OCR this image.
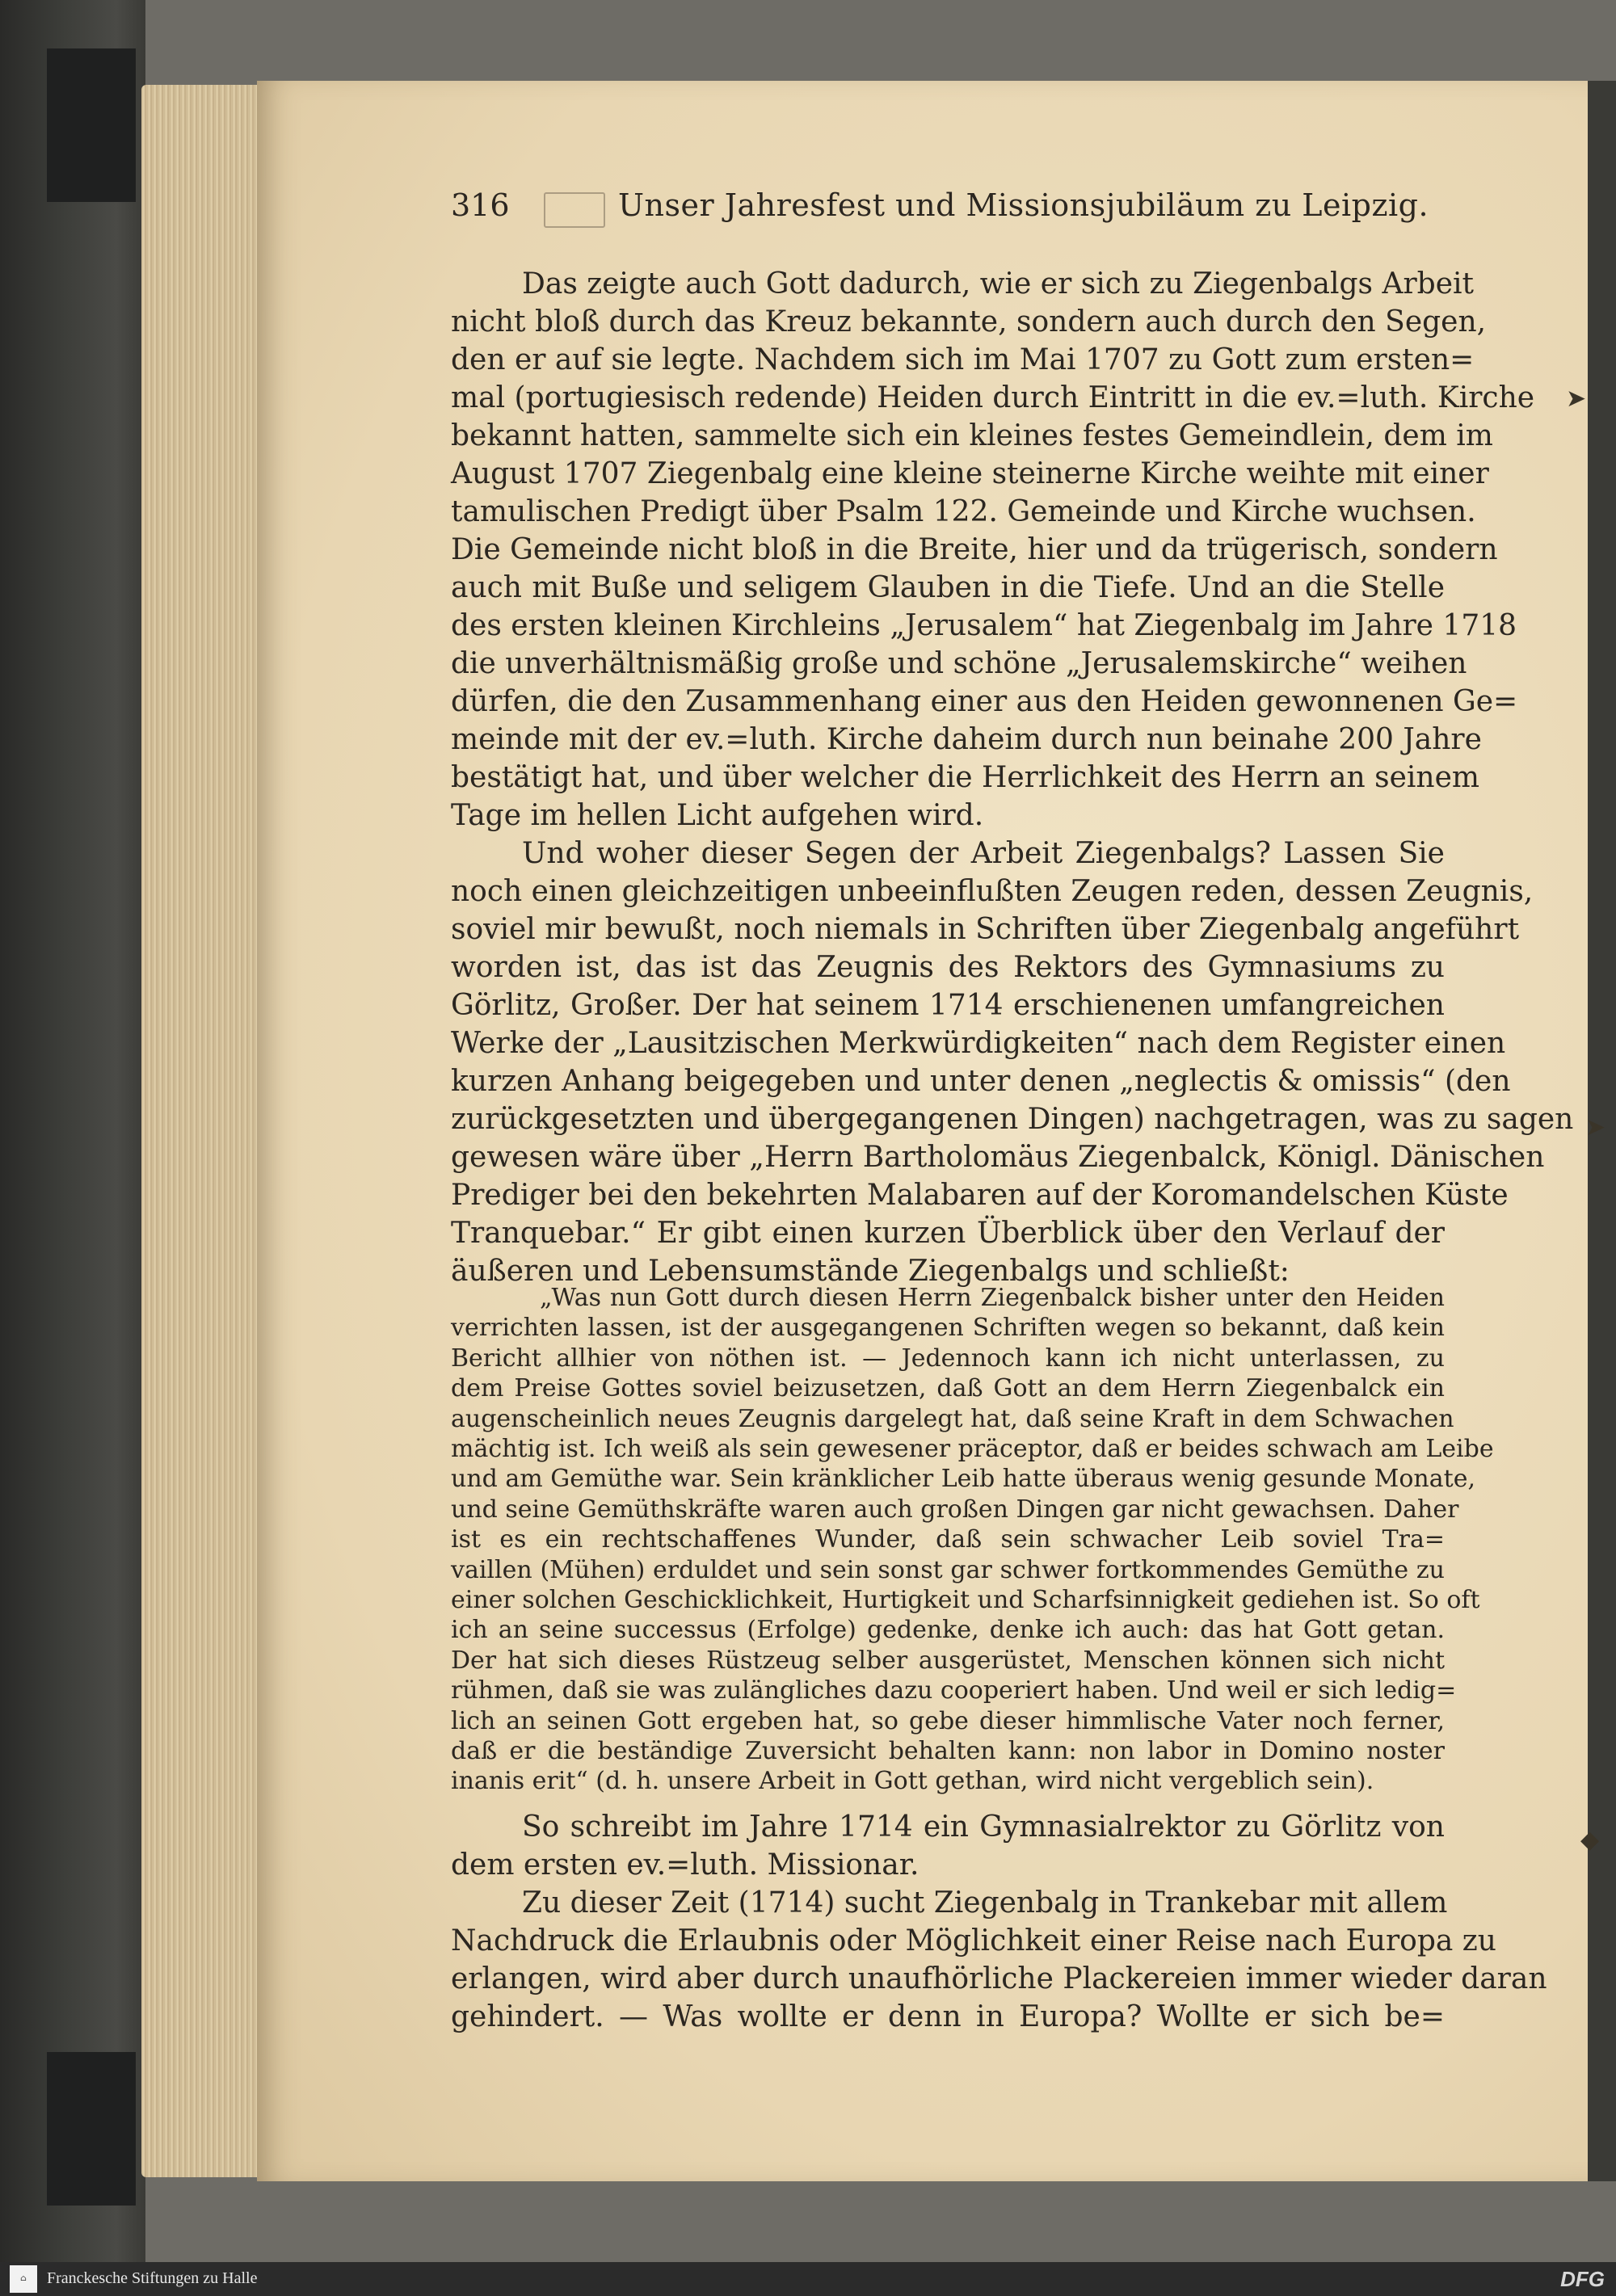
➤
➤
◆
316	Unser Jahresfest und Missionsjubiläum zu Leipzig.
Das zeigte auch Gott dadurch, wie er sich zu Ziegenbalgs Arbeit
nicht bloß durch das Kreuz bekannte, sondern auch durch den Segen,
den er auf sie legte. Nachdem sich im Mai 1707 zu Gott zum ersten=
mal (portugiesisch redende) Heiden durch Eintritt in die ev.=luth. Kirche
bekannt hatten, sammelte sich ein kleines festes Gemeindlein, dem im
August 1707 Ziegenbalg eine kleine steinerne Kirche weihte mit einer
tamulischen Predigt über Psalm 122. Gemeinde und Kirche wuchsen.
Die Gemeinde nicht bloß in die Breite, hier und da trügerisch, sondern
auch mit Buße und seligem Glauben in die Tiefe. Und an die Stelle
des ersten kleinen Kirchleins „Jerusalem“ hat Ziegenbalg im Jahre 1718
die unverhältnismäßig große und schöne „Jerusalemskirche“ weihen
dürfen, die den Zusammenhang einer aus den Heiden gewonnenen Ge=
meinde mit der ev.=luth. Kirche daheim durch nun beinahe 200 Jahre
bestätigt hat, und über welcher die Herrlichkeit des Herrn an seinem
Tage im hellen Licht aufgehen wird.
Und woher dieser Segen der Arbeit Ziegenbalgs? Lassen Sie
noch einen gleichzeitigen unbeeinflußten Zeugen reden, dessen Zeugnis,
soviel mir bewußt, noch niemals in Schriften über Ziegenbalg angeführt
worden ist, das ist das Zeugnis des Rektors des Gymnasiums zu
Görlitz, Großer. Der hat seinem 1714 erschienenen umfangreichen
Werke der „Lausitzischen Merkwürdigkeiten“ nach dem Register einen
kurzen Anhang beigegeben und unter denen „neglectis & omissis“ (den
zurückgesetzten und übergegangenen Dingen) nachgetragen, was zu sagen
gewesen wäre über „Herrn Bartholomäus Ziegenbalck, Königl. Dänischen
Prediger bei den bekehrten Malabaren auf der Koromandelschen Küste
Tranquebar.“ Er gibt einen kurzen Überblick über den Verlauf der
äußeren und Lebensumstände Ziegenbalgs und schließt:
„Was nun Gott durch diesen Herrn Ziegenbalck bisher unter den Heiden
verrichten lassen, ist der ausgegangenen Schriften wegen so bekannt, daß kein
Bericht allhier von nöthen ist. — Jedennoch kann ich nicht unterlassen, zu
dem Preise Gottes soviel beizusetzen, daß Gott an dem Herrn Ziegenbalck ein
augenscheinlich neues Zeugnis dargelegt hat, daß seine Kraft in dem Schwachen
mächtig ist. Ich weiß als sein gewesener präceptor, daß er beides schwach am Leibe
und am Gemüthe war. Sein kränklicher Leib hatte überaus wenig gesunde Monate,
und seine Gemüthskräfte waren auch großen Dingen gar nicht gewachsen. Daher
ist es ein rechtschaffenes Wunder, daß sein schwacher Leib soviel Tra=
vaillen (Mühen) erduldet und sein sonst gar schwer fortkommendes Gemüthe zu
einer solchen Geschicklichkeit, Hurtigkeit und Scharfsinnigkeit gediehen ist. So oft
ich an seine successus (Erfolge) gedenke, denke ich auch: das hat Gott getan.
Der hat sich dieses Rüstzeug selber ausgerüstet, Menschen können sich nicht
rühmen, daß sie was zulängliches dazu cooperiert haben. Und weil er sich ledig=
lich an seinen Gott ergeben hat, so gebe dieser himmlische Vater noch ferner,
daß er die beständige Zuversicht behalten kann: non labor in Domino noster
inanis erit“ (d. h. unsere Arbeit in Gott gethan, wird nicht vergeblich sein).
So schreibt im Jahre 1714 ein Gymnasialrektor zu Görlitz von
dem ersten ev.=luth. Missionar.
Zu dieser Zeit (1714) sucht Ziegenbalg in Trankebar mit allem
Nachdruck die Erlaubnis oder Möglichkeit einer Reise nach Europa zu
erlangen, wird aber durch unaufhörliche Plackereien immer wieder daran
gehindert. — Was wollte er denn in Europa? Wollte er sich be=
⌂	Franckesche Stiftungen zu Halle	DFG
